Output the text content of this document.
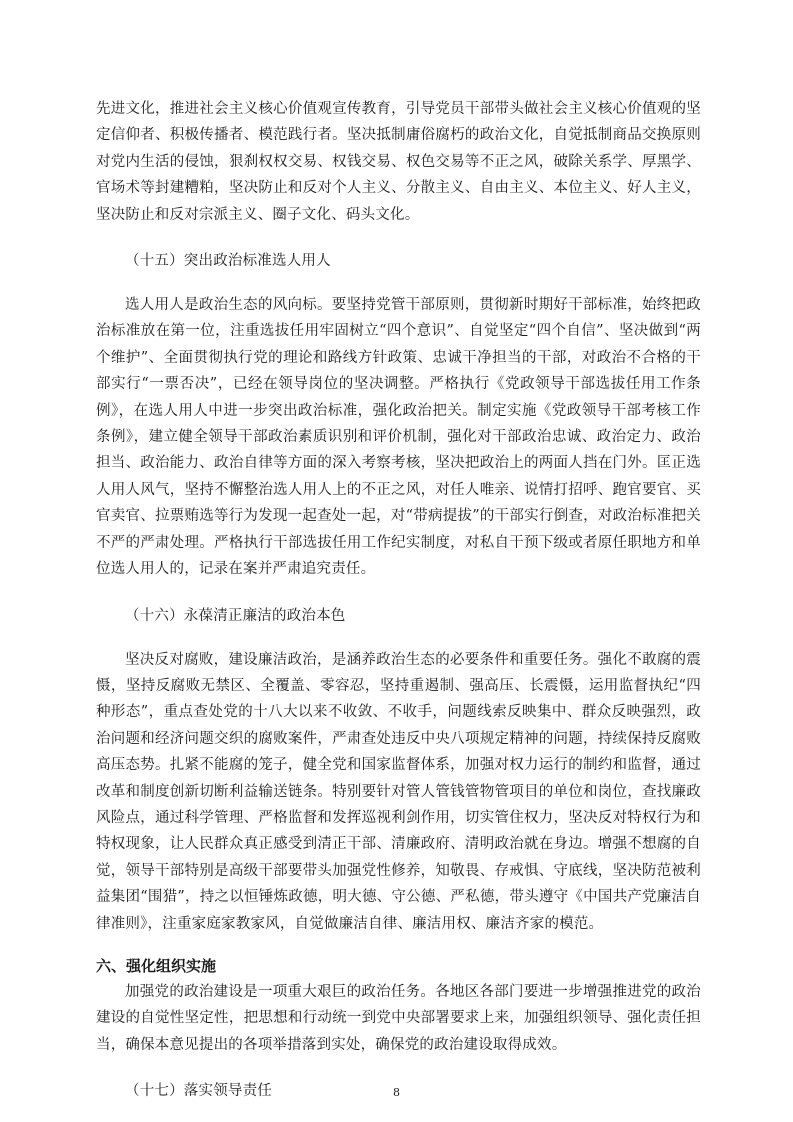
先进文化，推进社会主义核心价值观宣传教育，引导党员干部带头做社会主义核心价值观的坚定信仰者、积极传播者、模范践行者。坚决抵制庸俗腐朽的政治文化，自觉抵制商品交换原则对党内生活的侵蚀，狠刹权权交易、权钱交易、权色交易等不正之风，破除关系学、厚黑学、官场术等封建糟粕，坚决防止和反对个人主义、分散主义、自由主义、本位主义、好人主义，坚决防止和反对宗派主义、圈子文化、码头文化。

（十五）突出政治标准选人用人

选人用人是政治生态的风向标。要坚持党管干部原则，贯彻新时期好干部标准，始终把政治标准放在第一位，注重选拔任用牢固树立“四个意识”、自觉坚定“四个自信”、坚决做到“两个维护”、全面贯彻执行党的理论和路线方针政策、忠诚干净担当的干部，对政治不合格的干部实行“一票否决”，已经在领导岗位的坚决调整。严格执行《党政领导干部选拔任用工作条例》，在选人用人中进一步突出政治标准，强化政治把关。制定实施《党政领导干部考核工作条例》，建立健全领导干部政治素质识别和评价机制，强化对干部政治忠诚、政治定力、政治担当、政治能力、政治自律等方面的深入考察考核，坚决把政治上的两面人挡在门外。匡正选人用人风气，坚持不懈整治选人用人上的不正之风，对任人唯亲、说情打招呼、跑官要官、买官卖官、拉票贿选等行为发现一起查处一起，对“带病提拔”的干部实行倒查，对政治标准把关不严的严肃处理。严格执行干部选拔任用工作纪实制度，对私自干预下级或者原任职地方和单位选人用人的，记录在案并严肃追究责任。

（十六）永葆清正廉洁的政治本色

坚决反对腐败，建设廉洁政治，是涵养政治生态的必要条件和重要任务。强化不敢腐的震慑，坚持反腐败无禁区、全覆盖、零容忍，坚持重遏制、强高压、长震慑，运用监督执纪“四种形态”，重点查处党的十八大以来不收敛、不收手，问题线索反映集中、群众反映强烈，政治问题和经济问题交织的腐败案件，严肃查处违反中央八项规定精神的问题，持续保持反腐败高压态势。扎紧不能腐的笼子，健全党和国家监督体系，加强对权力运行的制约和监督，通过改革和制度创新切断利益输送链条。特别要针对管人管钱管物管项目的单位和岗位，查找廉政风险点，通过科学管理、严格监督和发挥巡视利剑作用，切实管住权力，坚决反对特权行为和特权现象，让人民群众真正感受到清正干部、清廉政府、清明政治就在身边。增强不想腐的自觉，领导干部特别是高级干部要带头加强党性修养，知敬畏、存戒惧、守底线，坚决防范被利益集团“围猎”，持之以恒锤炼政德，明大德、守公德、严私德，带头遵守《中国共产党廉洁自律准则》，注重家庭家教家风，自觉做廉洁自律、廉洁用权、廉洁齐家的模范。

六、强化组织实施

加强党的政治建设是一项重大艰巨的政治任务。各地区各部门要进一步增强推进党的政治建设的自觉性坚定性，把思想和行动统一到党中央部署要求上来，加强组织领导、强化责任担当，确保本意见提出的各项举措落到实处，确保党的政治建设取得成效。

（十七）落实领导责任	8
